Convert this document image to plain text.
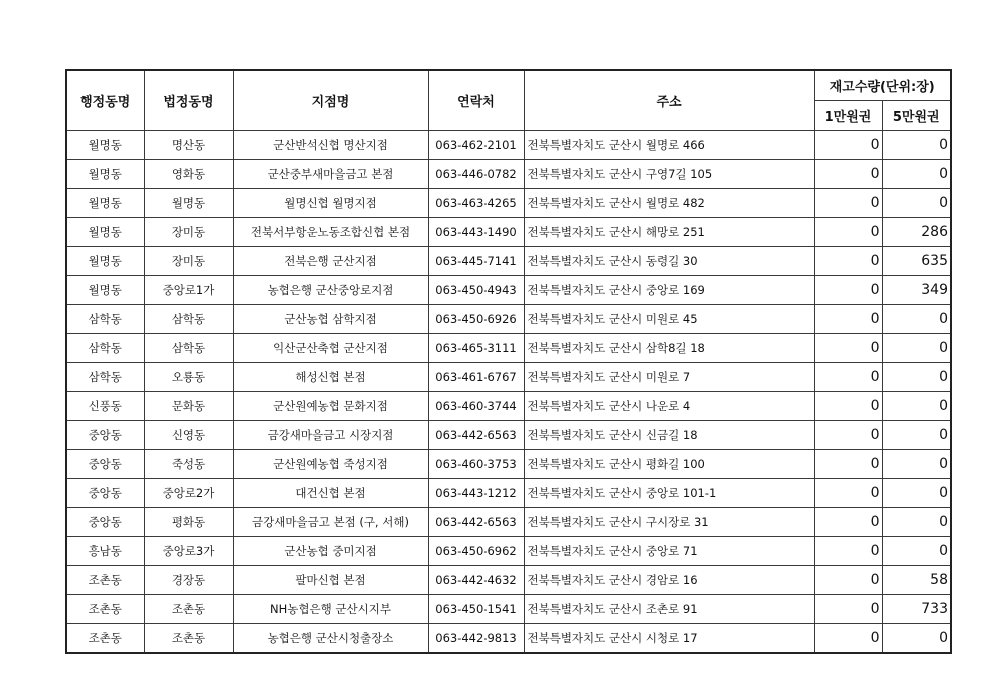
행정동명	법정동명	지점명	연락처	주소	재고수량(단위:장)	
					1만원권	5만원권
월명동	명산동	군산반석신협 명산지점	063-462-2101	전북특별자치도 군산시 월명로 466	0	0
월명동	영화동	군산중부새마을금고 본점	063-446-0782	전북특별자치도 군산시 구영7길 105	0	0
월명동	월명동	월명신협 월명지점	063-463-4265	전북특별자치도 군산시 월명로 482	0	0
월명동	장미동	전북서부항운노동조합신협 본점	063-443-1490	전북특별자치도 군산시 해망로 251	0	286
월명동	장미동	전북은행 군산지점	063-445-7141	전북특별자치도 군산시 동령길 30	0	635
월명동	중앙로1가	농협은행 군산중앙로지점	063-450-4943	전북특별자치도 군산시 중앙로 169	0	349
삼학동	삼학동	군산농협 삼학지점	063-450-6926	전북특별자치도 군산시 미원로 45	0	0
삼학동	삼학동	익산군산축협 군산지점	063-465-3111	전북특별자치도 군산시 삼학8길 18	0	0
삼학동	오룡동	해성신협 본점	063-461-6767	전북특별자치도 군산시 미원로 7	0	0
신풍동	문화동	군산원예농협 문화지점	063-460-3744	전북특별자치도 군산시 나운로 4	0	0
중앙동	신영동	금강새마을금고 시장지점	063-442-6563	전북특별자치도 군산시 신금길 18	0	0
중앙동	죽성동	군산원예농협 죽성지점	063-460-3753	전북특별자치도 군산시 평화길 100	0	0
중앙동	중앙로2가	대건신협 본점	063-443-1212	전북특별자치도 군산시 중앙로 101-1	0	0
중앙동	평화동	금강새마을금고 본점 (구, 서해)	063-442-6563	전북특별자치도 군산시 구시장로 31	0	0
흥남동	중앙로3가	군산농협 중미지점	063-450-6962	전북특별자치도 군산시 중앙로 71	0	0
조촌동	경장동	팔마신협 본점	063-442-4632	전북특별자치도 군산시 경암로 16	0	58
조촌동	조촌동	NH농협은행 군산시지부	063-450-1541	전북특별자치도 군산시 조촌로 91	0	733
조촌동	조촌동	농협은행 군산시청출장소	063-442-9813	전북특별자치도 군산시 시청로 17	0	0
